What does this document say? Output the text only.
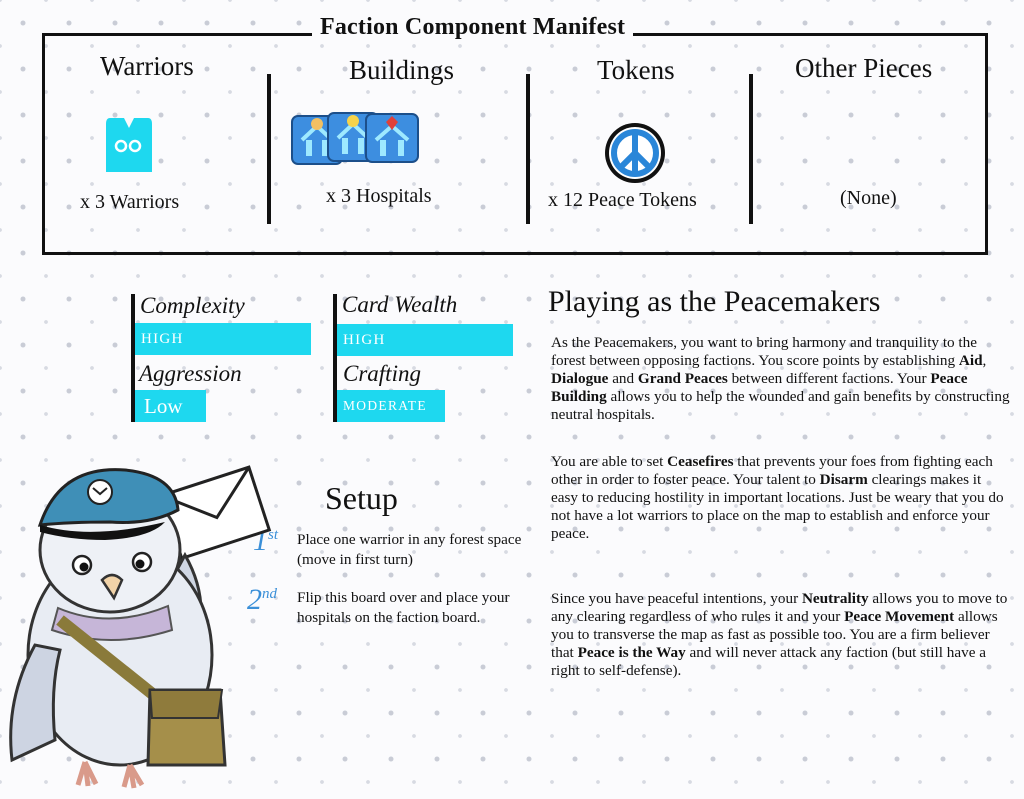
Faction Component Manifest
Warriors	Buildings	Tokens	Other Pieces
x 3 Warriors	x 3 Hospitals	x 12 Peace Tokens	(None)
Complexity
HIGH
Aggression
Low
Card Wealth
HIGH
Crafting
MODERATE
Playing as the Peacemakers
As the Peacemakers, you want to bring harmony and tranquility to the forest between opposing factions. You score points by establishing Aid, Dialogue and Grand Peaces between different factions. Your Peace Building allows you to help the wounded and gain benefits by constructing neutral hospitals.
You are able to set Ceasefires that prevents your foes from fighting each other in order to foster peace. Your talent to Disarm clearings makes it easy to reducing hostility in important locations. Just be weary that you do not have a lot warriors to place on the map to establish and enforce your peace.
Since you have peaceful intentions, your Neutrality allows you to move to any clearing regardless of who rules it and your Peace Movement allows you to transverse the map as fast as possible too. You are a firm believer that Peace is the Way and will never attack any faction (but still have a right to self-defense).
Setup
1st Place one warrior in any forest space (move in first turn)
2nd Flip this board over and place your hospitals on the faction board.
